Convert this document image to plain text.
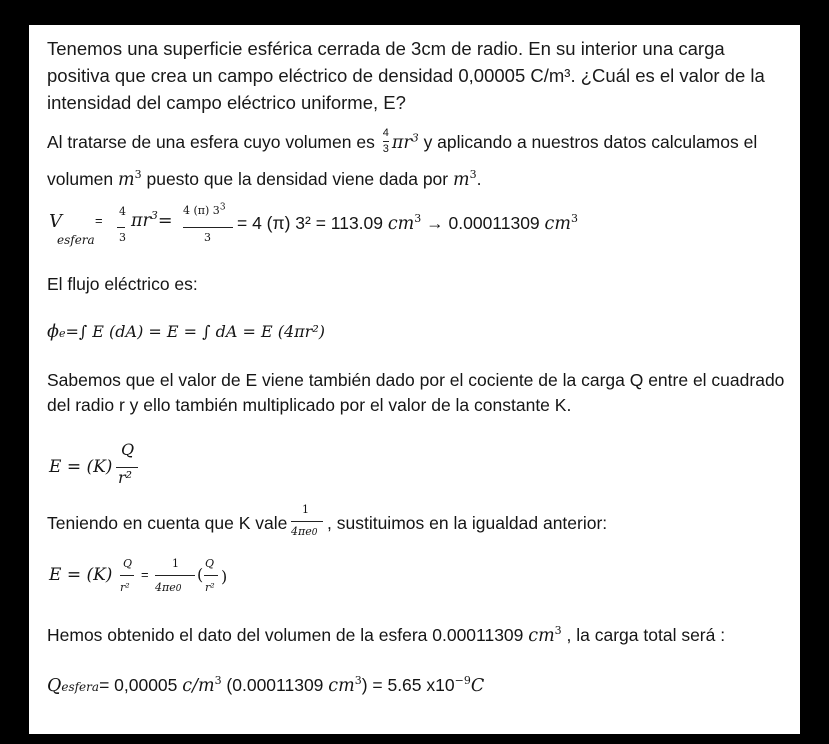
Tenemos una superficie esférica cerrada de 3cm de radio. En su interior una carga
positiva que crea un campo eléctrico de densidad 0,00005 C/m³. ¿Cuál es el valor de la
intensidad del campo eléctrico uniforme, E?
Al tratarse de una esfera cuyo volumen es $\frac{4}{3} \pi r^3$ y aplicando a nuestros datos calculamos el
volumen $m^3$ puesto que la densidad viene dada por $m^3$.
V
esfera
=
4
3
$\pi r^3=$
4 (π) $3^3$
3
= 4 (π) 3² = 113.09 $cm^3 \to 0.00011309$ $cm^3$
El flujo eléctrico es:
ϕe=∫ E (dA) = E = ∫ dA = E (4πr²)
Sabemos que el valor de E viene también dado por el cociente de la carga Q entre el cuadrado
del radio r y ello también multiplicado por el valor de la constante K.
E = (K)
Q
r²
Teniendo en cuenta que K vale
1
4πe0 , sustituimos en la igualdad anterior:
E = (K)
Q
r²
=
1
4πe0
(
Q
r²
)
Hemos obtenido el dato del volumen de la esfera 0.00011309 $cm^3$ , la carga total será :
Qesfera= 0,00005 $c/m^3$ (0.00011309 $cm^3) = 5.65$ $x10^{-9}C$
